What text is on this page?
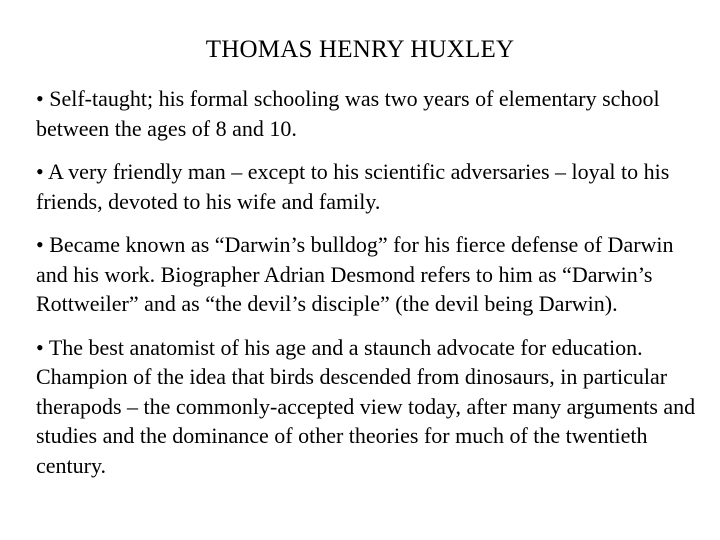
THOMAS HENRY HUXLEY
• Self-taught; his formal schooling was two years of elementary school between the ages of 8 and 10.
• A very friendly man – except to his scientific adversaries – loyal to his friends, devoted to his wife and family.
• Became known as “Darwin’s bulldog” for his fierce defense of Darwin and his work. Biographer Adrian Desmond refers to him as “Darwin’s Rottweiler” and as “the devil’s disciple” (the devil being Darwin).
• The best anatomist of his age and a staunch advocate for education. Champion of the idea that birds descended from dinosaurs, in particular therapods – the commonly-accepted view today, after many arguments and studies and the dominance of other theories for much of the twentieth century.
